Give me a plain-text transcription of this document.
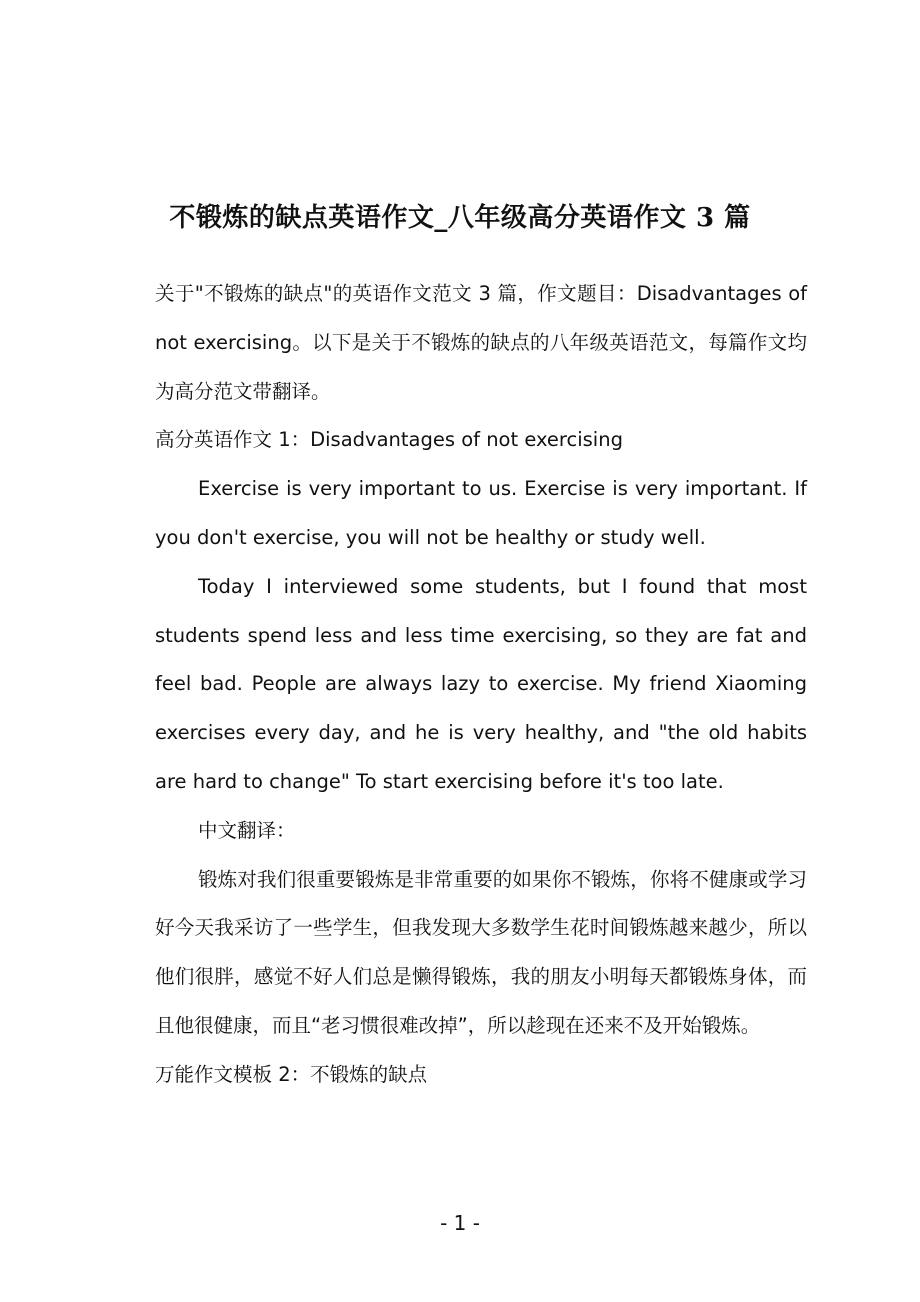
不锻炼的缺点英语作文_八年级高分英语作文 3 篇

关于"不锻炼的缺点"的英语作文范文 3 篇，作文题目：Disadvantages of not exercising。以下是关于不锻炼的缺点的八年级英语范文，每篇作文均为高分范文带翻译。

高分英语作文 1：Disadvantages of not exercising

Exercise is very important to us. Exercise is very important. If you don't exercise, you will not be healthy or study well.

Today I interviewed some students, but I found that most students spend less and less time exercising, so they are fat and feel bad. People are always lazy to exercise. My friend Xiaoming exercises every day, and he is very healthy, and "the old habits are hard to change" To start exercising before it's too late.

中文翻译：

锻炼对我们很重要锻炼是非常重要的如果你不锻炼，你将不健康或学习好今天我采访了一些学生，但我发现大多数学生花时间锻炼越来越少，所以他们很胖，感觉不好人们总是懒得锻炼，我的朋友小明每天都锻炼身体，而且他很健康，而且“老习惯很难改掉”，所以趁现在还来不及开始锻炼。

万能作文模板 2：不锻炼的缺点

- 1 -
